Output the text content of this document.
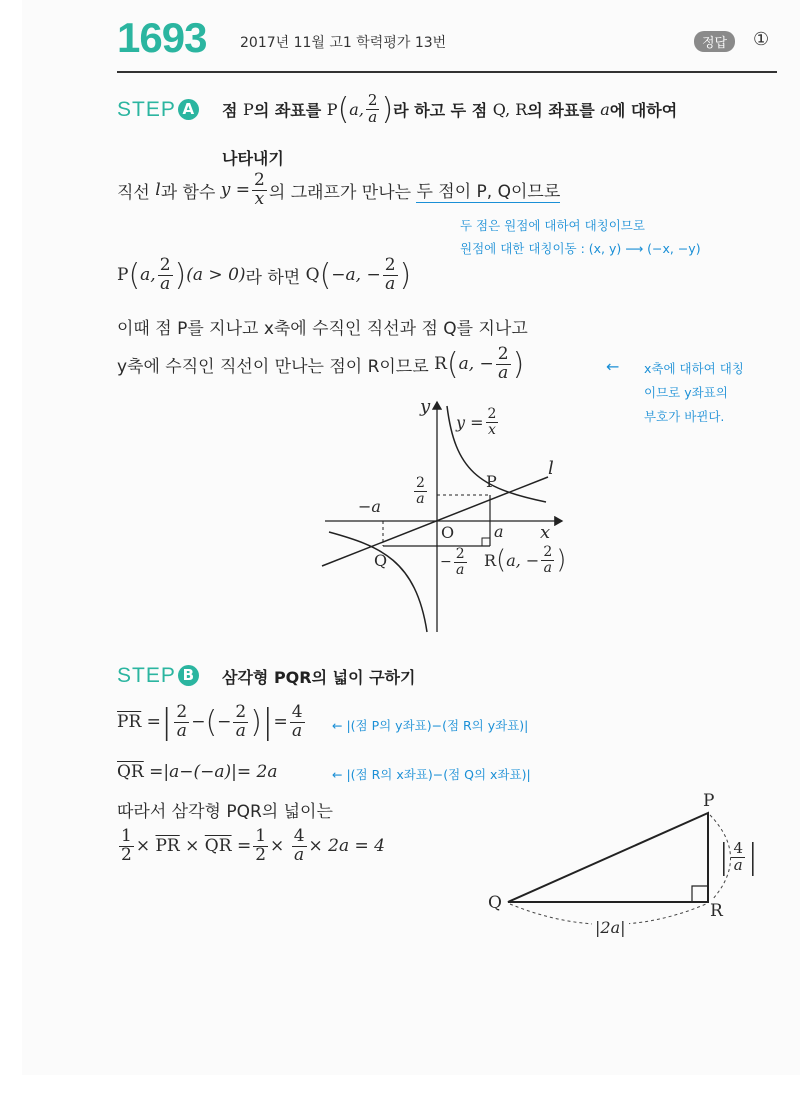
1693 2017년 11월 고1 학력평가 13번	정답	①
STEP A 점
P 의 좌표를
P ( a, $\frac{2}{a}$ ) 라 하고 두 점
Q, R 의 좌표를
a 에 대하여
나타내기
직선
l 과 함수
$y = \frac{2}{x}$ 의 그래프가 만나는
두 점이 P, Q이므로
두 점은 원점에 대하여 대칭이므로
원점에 대한 대칭이동 : (x, y) ⟶ (−x, −y)
P ( a, $\frac{2}{a}$ ) (a > 0) 라 하면
Q ( −a, − $\frac{2}{a}$ )
이때 점 P를 지나고 x축에 수직인 직선과 점 Q를 지나고
y축에 수직인 직선이 만나는 점이 R이므로
R ( a, − $\frac{2}{a}$ )	← x축에 대하여 대칭
이므로 y좌표의
부호가 바뀐다.
y
x
$y = \frac{2}{x}$
l
P
Q
O a
−a
$\frac{2}{a}$
− $\frac{2}{a}$ R ( a, − $\frac{2}{a}$ )
STEP B 삼각형 PQR의 넓이 구하기
$\overline{PR}$
= | $\frac{2}{a}$ − ( − $\frac{2}{a}$ ) | = $\frac{4}{a}$ ← |(점 P의 y좌표)−(점 R의 y좌표)|
$\overline{QR}$
=|a−(−a)|= 2a	← |(점 R의 x좌표)−(점 Q의 x좌표)|
따라서 삼각형 PQR의 넓이는
$\frac{1}{2}$ ×
$\overline{PR}$
×
$\overline{QR}$
= $\frac{1}{2}$ ×
$\frac{4}{a} \times 2a = 4$
P
Q	R
| $\frac{4}{a}$ |
|2a|
